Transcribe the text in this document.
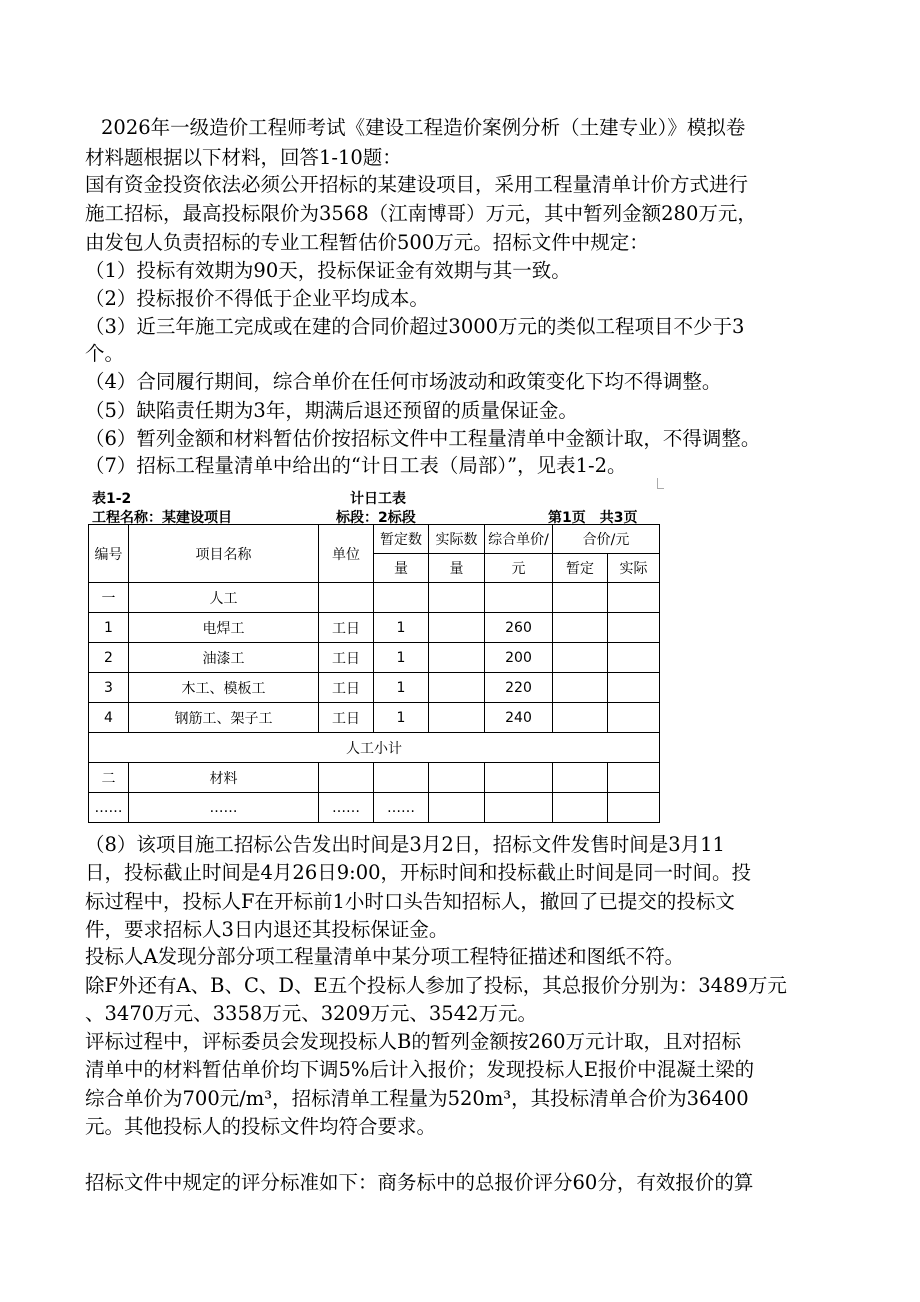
2026年一级造价工程师考试《建设工程造价案例分析（土建专业）》模拟卷
材料题根据以下材料，回答1-10题：
国有资金投资依法必须公开招标的某建设项目，采用工程量清单计价方式进行
施工招标，最高投标限价为3568（江南博哥）万元，其中暂列金额280万元，
由发包人负责招标的专业工程暂估价500万元。招标文件中规定：
（1）投标有效期为90天，投标保证金有效期与其一致。
（2）投标报价不得低于企业平均成本。
（3）近三年施工完成或在建的合同价超过3000万元的类似工程项目不少于3
个。
（4）合同履行期间，综合单价在任何市场波动和政策变化下均不得调整。
（5）缺陷责任期为3年，期满后退还预留的质量保证金。
（6）暂列金额和材料暂估价按招标文件中工程量清单中金额计取，不得调整。
（7）招标工程量清单中给出的“计日工表（局部）”，见表1-2。
表1-2	计日工表
工程名称：某建设项目	标段：2标段	第1页　共3页
编号	项目名称	单位	暂定数	实际数	综合单价/	合价/元	
			量	量	元	暂定	实际
一	人工						
1	电焊工	工日	1		260		
2	油漆工	工日	1		200		
3	木工、模板工	工日	1		220		
4	钢筋工、架子工	工日	1		240		
人工小计							
二	材料						
……	……	……	……				
（8）该项目施工招标公告发出时间是3月2日，招标文件发售时间是3月11
日，投标截止时间是4月26日9:00，开标时间和投标截止时间是同一时间。投
标过程中，投标人F在开标前1小时口头告知招标人，撤回了已提交的投标文
件，要求招标人3日内退还其投标保证金。
投标人A发现分部分项工程量清单中某分项工程特征描述和图纸不符。
除F外还有A、B、C、D、E五个投标人参加了投标，其总报价分别为：3489万元
、3470万元、3358万元、3209万元、3542万元。
评标过程中，评标委员会发现投标人B的暂列金额按260万元计取，且对招标
清单中的材料暂估单价均下调5%后计入报价；发现投标人E报价中混凝土梁的
综合单价为700元/m³，招标清单工程量为520m³，其投标清单合价为36400
元。其他投标人的投标文件均符合要求。
招标文件中规定的评分标准如下：商务标中的总报价评分60分，有效报价的算
